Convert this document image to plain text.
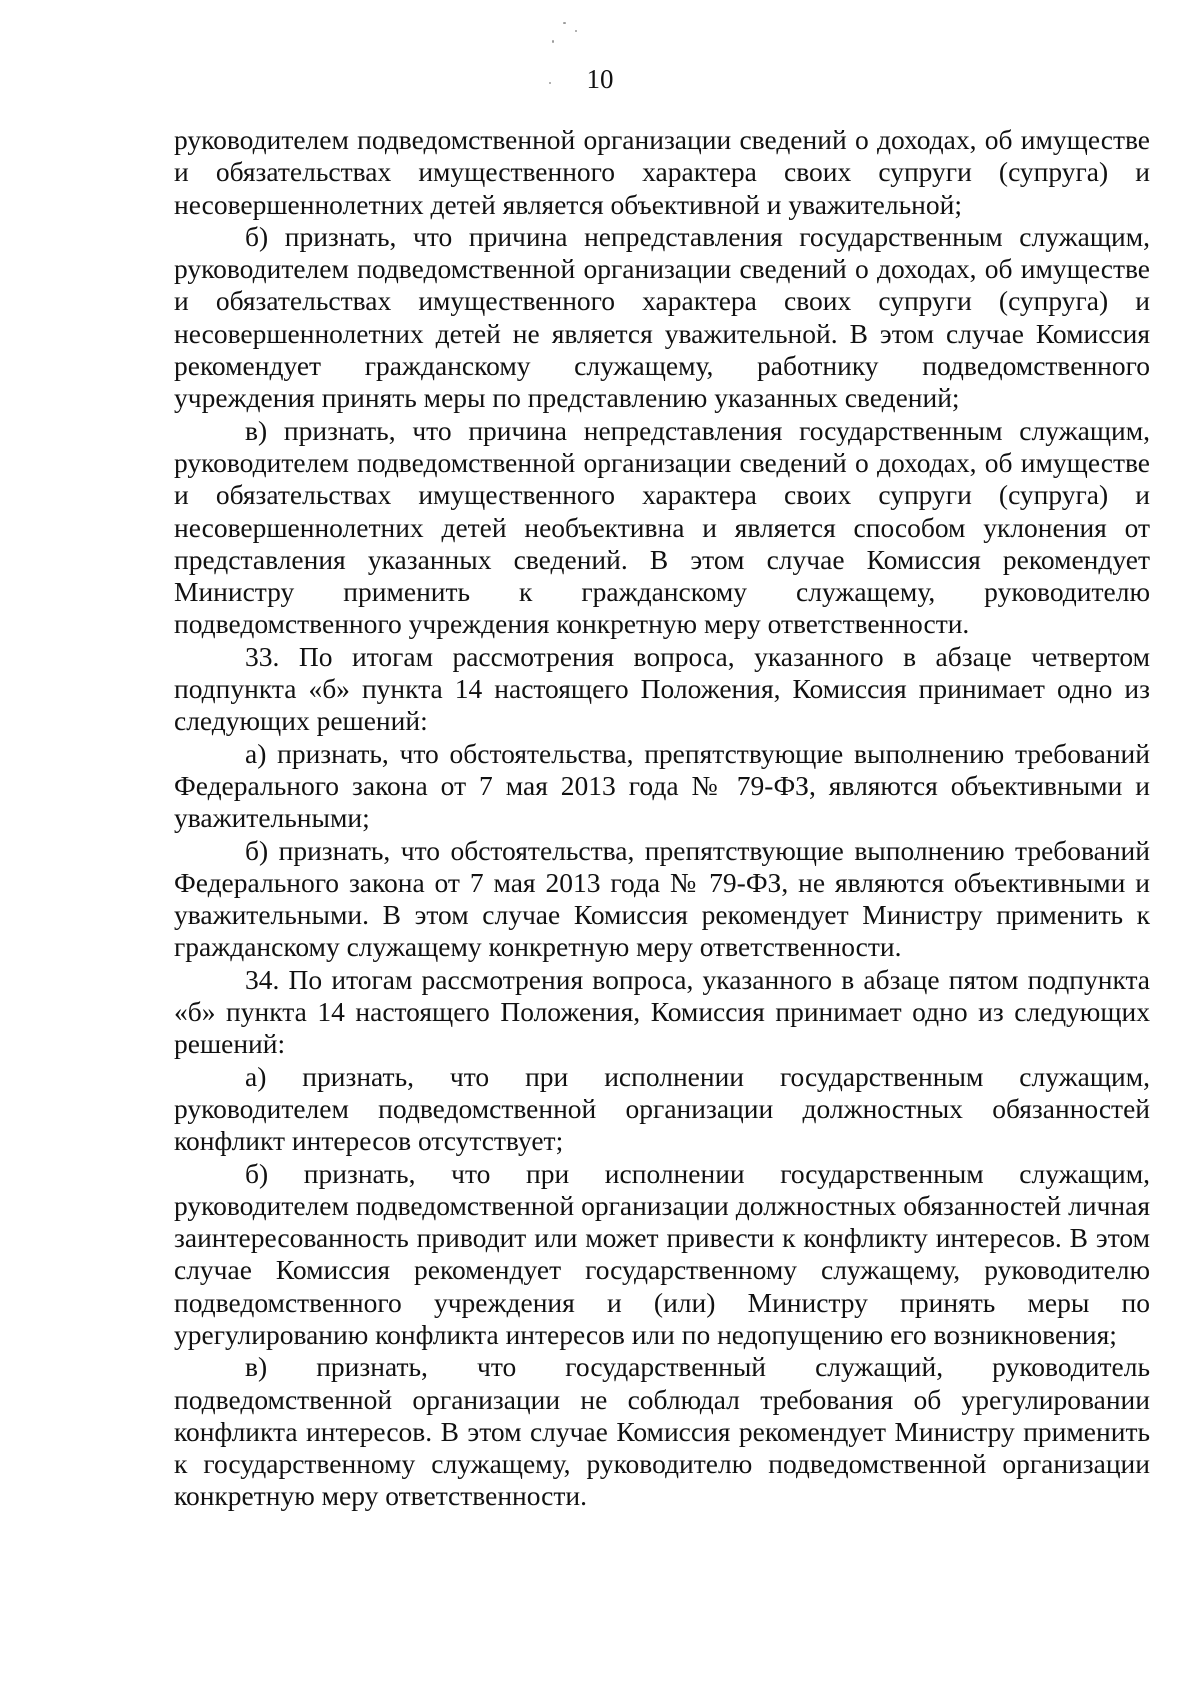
10

руководителем подведомственной организации сведений о доходах, об имуществе и обязательствах имущественного характера своих супруги (супруга) и несовершеннолетних детей является объективной и уважительной;

б) признать, что причина непредставления государственным служащим, руководителем подведомственной организации сведений о доходах, об имуществе и обязательствах имущественного характера своих супруги (супруга) и несовершеннолетних детей не является уважительной. В этом случае Комиссия рекомендует гражданскому служащему, работнику подведомственного учреждения принять меры по представлению указанных сведений;

в) признать, что причина непредставления государственным служащим, руководителем подведомственной организации сведений о доходах, об имуществе и обязательствах имущественного характера своих супруги (супруга) и несовершеннолетних детей необъективна и является способом уклонения от представления указанных сведений. В этом случае Комиссия рекомендует Министру применить к гражданскому служащему, руководителю подведомственного учреждения конкретную меру ответственности.

33. По итогам рассмотрения вопроса, указанного в абзаце четвертом подпункта «б» пункта 14 настоящего Положения, Комиссия принимает одно из следующих решений:

а) признать, что обстоятельства, препятствующие выполнению требований Федерального закона от 7 мая 2013 года № 79-ФЗ, являются объективными и уважительными;

б) признать, что обстоятельства, препятствующие выполнению требований Федерального закона от 7 мая 2013 года № 79-ФЗ, не являются объективными и уважительными. В этом случае Комиссия рекомендует Министру применить к гражданскому служащему конкретную меру ответственности.

34. По итогам рассмотрения вопроса, указанного в абзаце пятом подпункта «б» пункта 14 настоящего Положения, Комиссия принимает одно из следующих решений:

а) признать, что при исполнении государственным служащим, руководителем подведомственной организации должностных обязанностей конфликт интересов отсутствует;

б) признать, что при исполнении государственным служащим, руководителем подведомственной организации должностных обязанностей личная заинтересованность приводит или может привести к конфликту интересов. В этом случае Комиссия рекомендует государственному служащему, руководителю подведомственного учреждения и (или) Министру принять меры по урегулированию конфликта интересов или по недопущению его возникновения;

в) признать, что государственный служащий, руководитель подведомственной организации не соблюдал требования об урегулировании конфликта интересов. В этом случае Комиссия рекомендует Министру применить к государственному служащему, руководителю подведомственной организации конкретную меру ответственности.
